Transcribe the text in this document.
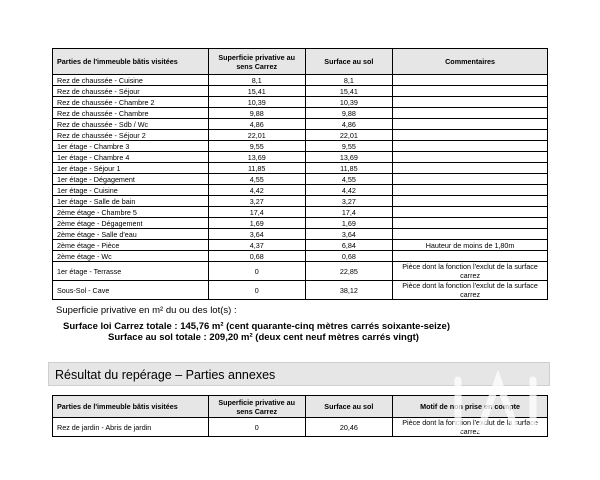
Parties de l'immeuble bâtis visitées	Superficie privative au sens Carrez	Surface au sol	Commentaires
Rez de chaussée - Cuisine	8,1	8,1	
Rez de chaussée - Séjour	15,41	15,41	
Rez de chaussée - Chambre 2	10,39	10,39	
Rez de chaussée - Chambre	9,88	9,88	
Rez de chaussée - Sdb / Wc	4,86	4,86	
Rez de chaussée - Séjour 2	22,01	22,01	
1er étage - Chambre 3	9,55	9,55	
1er étage - Chambre 4	13,69	13,69	
1er étage - Séjour 1	11,85	11,85	
1er étage - Dégagement	4,55	4,55	
1er étage - Cuisine	4,42	4,42	
1er étage - Salle de bain	3,27	3,27	
2ème étage - Chambre 5	17,4	17,4	
2ème étage - Dégagement	1,69	1,69	
2ème étage - Salle d'eau	3,64	3,64	
2ème étage - Pièce	4,37	6,84	Hauteur de moins de 1,80m
2ème étage - Wc	0,68	0,68	
1er étage - Terrasse	0	22,85	Pièce dont la fonction l'exclut de la surface carrez
Sous-Sol - Cave	0	38,12	Pièce dont la fonction l'exclut de la surface carrez
Superficie privative en m² du ou des lot(s) :
Surface loi Carrez totale : 145,76 m² (cent quarante-cinq mètres carrés soixante-seize)
Surface au sol totale : 209,20 m² (deux cent neuf mètres carrés vingt)
Résultat du repérage – Parties annexes
Parties de l'immeuble bâtis visitées	Superficie privative au sens Carrez	Surface au sol	Motif de non prise en compte
Rez de jardin - Abris de jardin	0	20,46	Pièce dont la fonction l'exclut de la surface carrez
